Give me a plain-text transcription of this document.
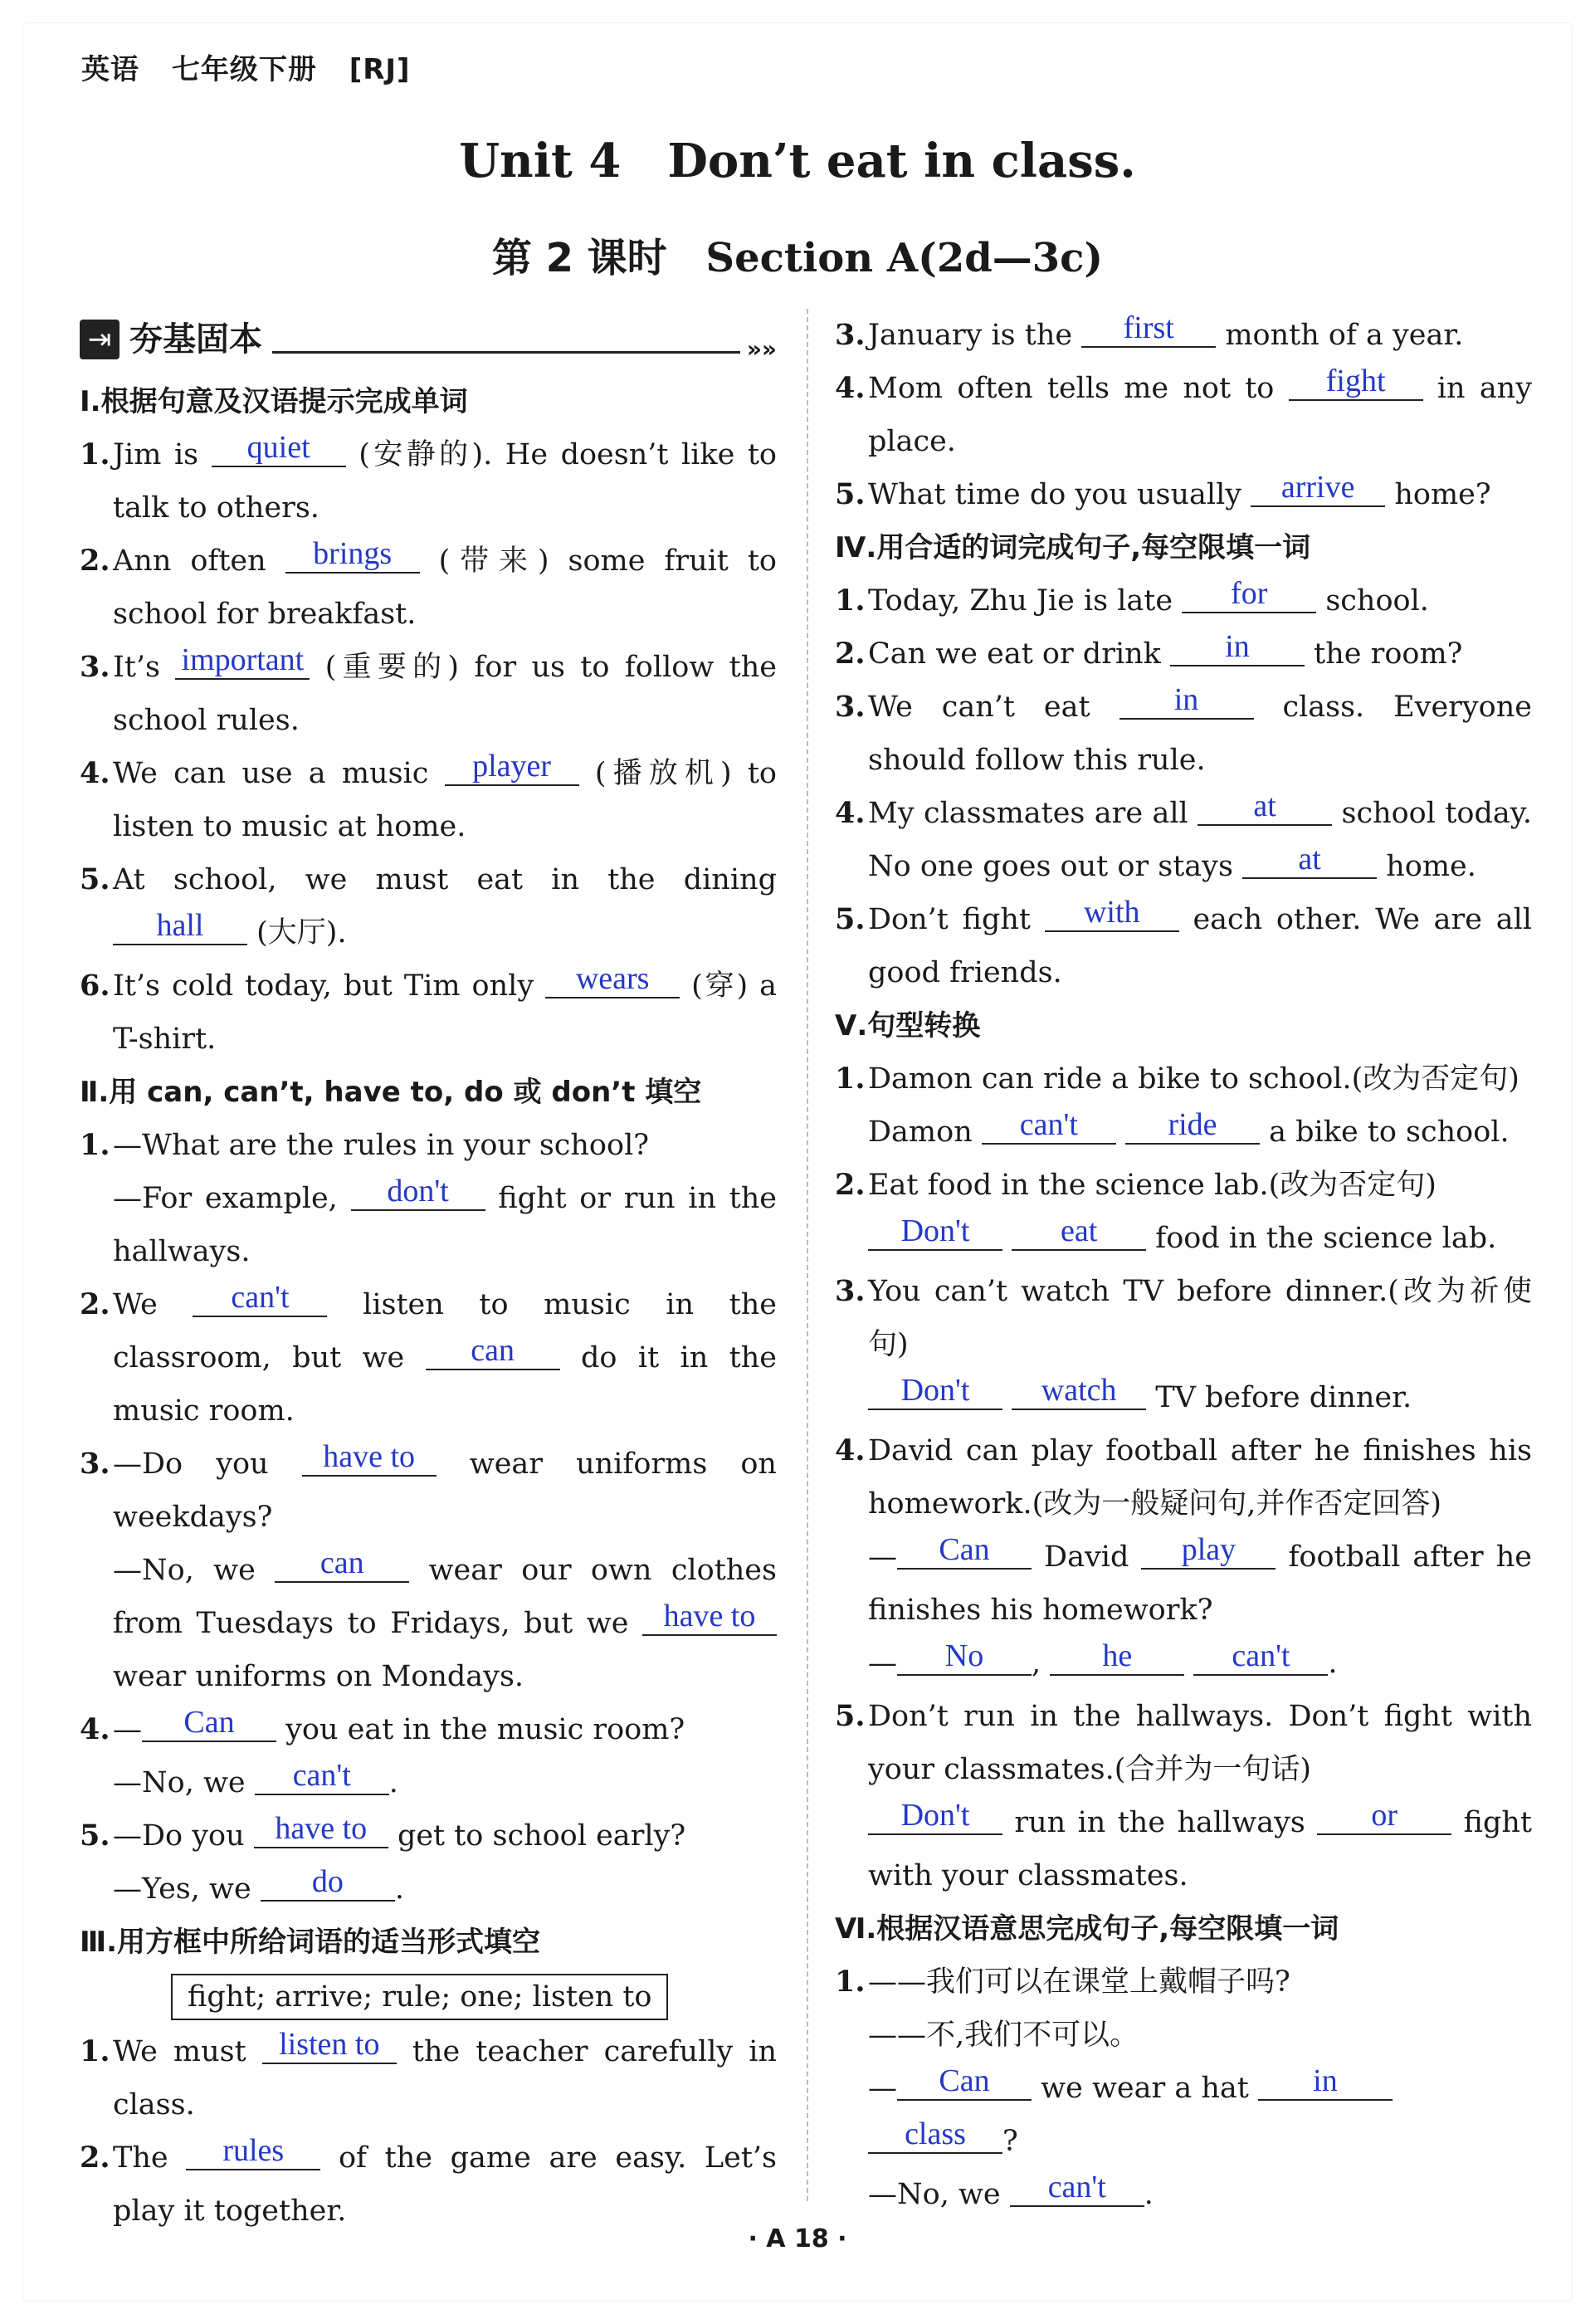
英语 七年级下册 [RJ]
Unit 4　Don’t eat in class.
第 2 课时 Section A(2d—3c)
⇥ 夯基固本	»»
Ⅰ.根据句意及汉语提示完成单词
1. Jim is quiet (安静的). He doesn’t like to talk to others.
2. Ann often brings (带来) some fruit to school for breakfast.
3. It’s important (重要的) for us to follow the school rules.
4. We can use a music player (播放机) to listen to music at home.
5. At school, we must eat in the dining hall (大厅).
6. It’s cold today, but Tim only wears (穿) a T-shirt.
Ⅱ.用 can, can’t, have to, do 或 don’t 填空
1. —What are the rules in your school?
—For example, don't fight or run in the hallways.
2. We can't	listen to music in the classroom, but we can do it in the music room.
3. —Do you have to wear uniforms on weekdays?
—No, we can wear our own clothes from Tuesdays to Fridays, but we have to wear uniforms on Mondays.
4. — Can you eat in the music room?
—No, we can't .
5. —Do you have to get to school early?
—Yes, we do .
Ⅲ.用方框中所给词语的适当形式填空
fight; arrive; rule; one; listen to
1. We must listen to the teacher carefully in class.
2. The rules of the game are easy. Let’s play it together.
3. January is the first month of a year.
4. Mom often tells me not to fight in any place.
5. What time do you usually arrive home?
Ⅳ.用合适的词完成句子,每空限填一词
1. Today, Zhu Jie is late for school.
2. Can we eat or drink in the room?
3. We can’t eat	in	class. Everyone should follow this rule.
4. My classmates are all at school today. No one goes out or stays at home.
5. Don’t fight with each other. We are all good friends.
Ⅴ.句型转换
1. Damon can ride a bike to school.(改为否定句)
Damon can't	ride a bike to school.
2. Eat food in the science lab.(改为否定句)
Don't	eat food in the science lab.
3. You can’t watch TV before dinner.(改为祈使句)
Don't watch TV before dinner.
4. David can play football after he finishes his homework.(改为一般疑问句,并作否定回答)
— Can David play football after he finishes his homework?
— No , he	can't .
5. Don’t run in the hallways. Don’t fight with your classmates.(合并为一句话)
Don't run in the hallways or fight with your classmates.
Ⅵ.根据汉语意思完成句子,每空限填一词
1. ——我们可以在课堂上戴帽子吗?
——不,我们不可以。
— Can we wear a hat in
class ?
—No, we can't .
· A 18 ·
